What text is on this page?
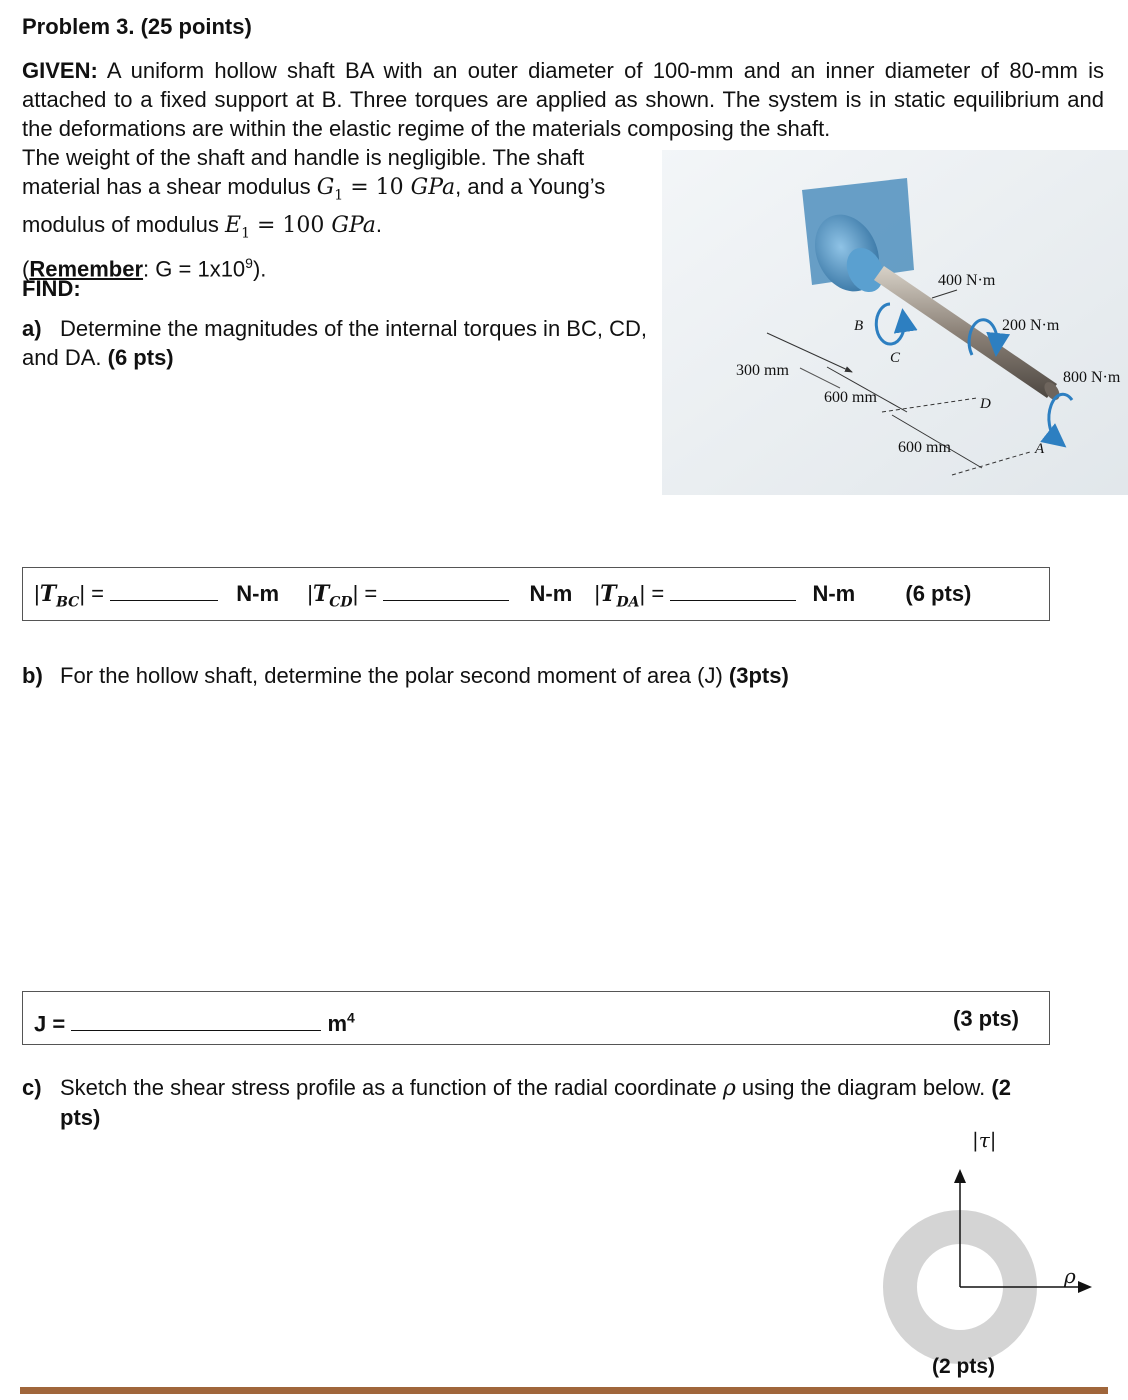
Problem 3. (25 points)
GIVEN: A uniform hollow shaft BA with an outer diameter of 100-mm and an inner diameter of 80-mm is attached to a fixed support at B. Three torques are applied as shown. The system is in static equilibrium and the deformations are within the elastic regime of the materials composing the shaft.
The weight of the shaft and handle is negligible. The shaft
material has a shear modulus $G_1 = 10$ GPa, and a Young’s
modulus of modulus $E_1 = 100$ GPa.
(Remember: $G = 1x10^9$).
FIND:
a) Determine the magnitudes of the internal torques in BC, CD, and DA. (6 pts)
400 N·m
200 N·m
800 N·m
300 mm
600 mm
600 mm
B
C
D
A
$|T_{BC}|$ =	N-m $|T_{CD}|$ =	N-m $|T_{DA}|$ =	N-m (6 pts)
b) For the hollow shaft, determine the polar second moment of area (J) (3pts)
J =	$m^4$	(3 pts)
c) Sketch the shear stress profile as a function of the radial coordinate ρ using the diagram below. (2
pts)
|τ|
ρ
(2 pts)
